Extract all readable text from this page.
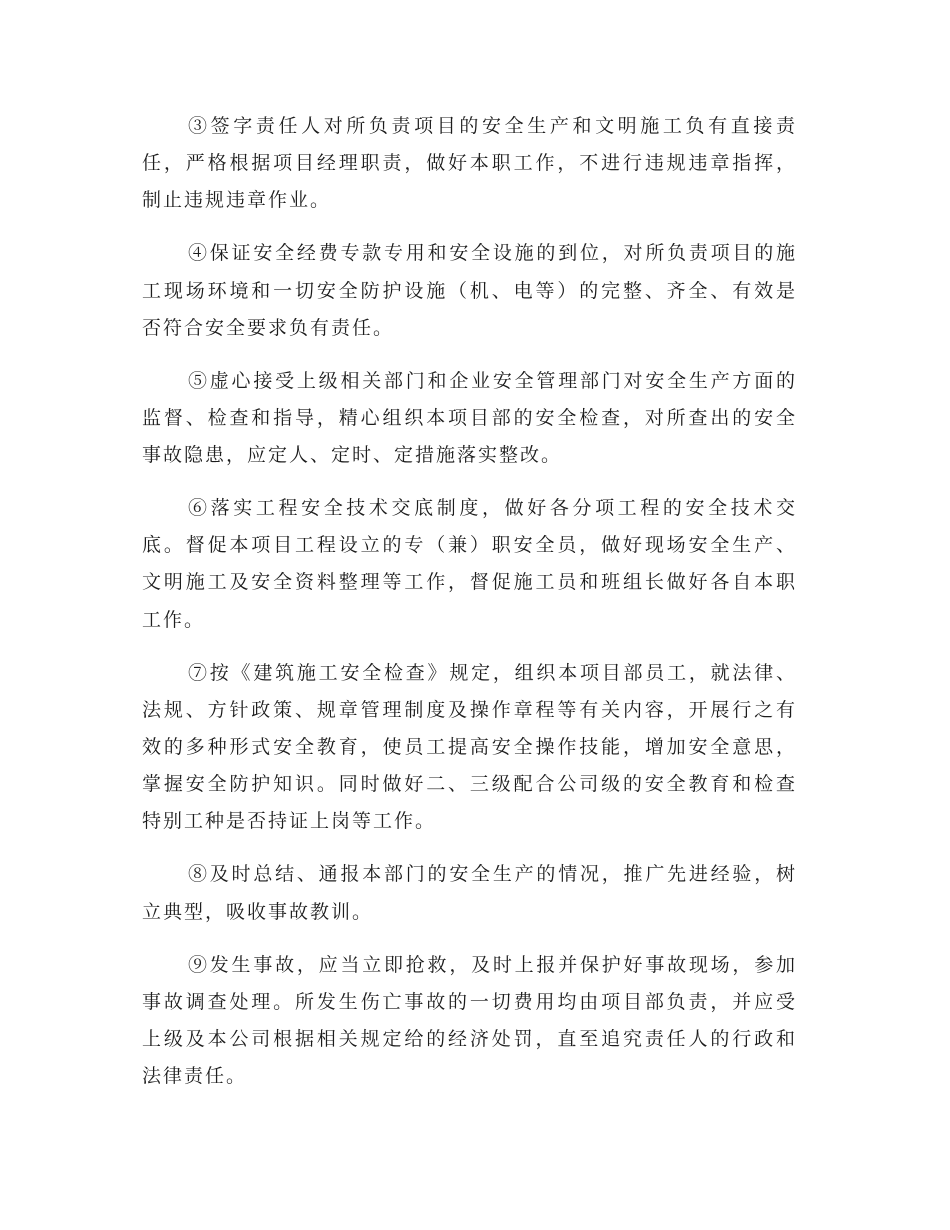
③签字责任人对所负责项目的安全生产和文明施工负有直接责
任，严格根据项目经理职责，做好本职工作，不进行违规违章指挥，
制止违规违章作业。
④保证安全经费专款专用和安全设施的到位，对所负责项目的施
工现场环境和一切安全防护设施（机、电等）的完整、齐全、有效是
否符合安全要求负有责任。
⑤虚心接受上级相关部门和企业安全管理部门对安全生产方面的
监督、检查和指导，精心组织本项目部的安全检查，对所查出的安全
事故隐患，应定人、定时、定措施落实整改。
⑥落实工程安全技术交底制度，做好各分项工程的安全技术交
底。督促本项目工程设立的专（兼）职安全员，做好现场安全生产、
文明施工及安全资料整理等工作，督促施工员和班组长做好各自本职
工作。
⑦按《建筑施工安全检查》规定，组织本项目部员工，就法律、
法规、方针政策、规章管理制度及操作章程等有关内容，开展行之有
效的多种形式安全教育，使员工提高安全操作技能，增加安全意思，
掌握安全防护知识。同时做好二、三级配合公司级的安全教育和检查
特别工种是否持证上岗等工作。
⑧及时总结、通报本部门的安全生产的情况，推广先进经验，树
立典型，吸收事故教训。
⑨发生事故，应当立即抢救，及时上报并保护好事故现场，参加
事故调查处理。所发生伤亡事故的一切费用均由项目部负责，并应受
上级及本公司根据相关规定给的经济处罚，直至追究责任人的行政和
法律责任。
